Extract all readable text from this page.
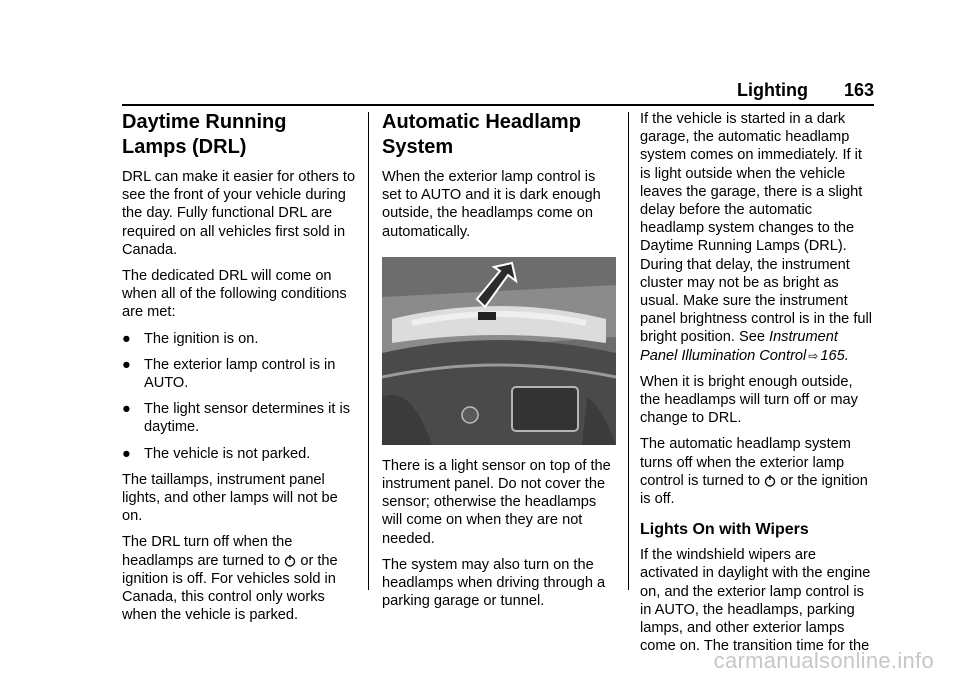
Lighting 163
Daytime Running Lamps (DRL)

DRL can make it easier for others to see the front of your vehicle during the day. Fully functional DRL are required on all vehicles first sold in Canada.

The dedicated DRL will come on when all of the following conditions are met:

● The ignition is on.
● The exterior lamp control is in AUTO.
● The light sensor determines it is daytime.
● The vehicle is not parked.

The taillamps, instrument panel lights, and other lamps will not be on.

The DRL turn off when the headlamps are turned to or the ignition is off. For vehicles sold in Canada, this control only works when the vehicle is parked.

Automatic Headlamp System

When the exterior lamp control is set to AUTO and it is dark enough outside, the headlamps come on automatically.

There is a light sensor on top of the instrument panel. Do not cover the sensor; otherwise the headlamps will come on when they are not needed.

The system may also turn on the headlamps when driving through a parking garage or tunnel.

If the vehicle is started in a dark garage, the automatic headlamp system comes on immediately. If it is light outside when the vehicle leaves the garage, there is a slight delay before the automatic headlamp system changes to the Daytime Running Lamps (DRL). During that delay, the instrument cluster may not be as bright as usual. Make sure the instrument panel brightness control is in the full bright position. See Instrument Panel Illumination Control ⇨ 165.

When it is bright enough outside, the headlamps will turn off or may change to DRL.

The automatic headlamp system turns off when the exterior lamp control is turned to or the ignition is off.

Lights On with Wipers

If the windshield wipers are activated in daylight with the engine on, and the exterior lamp control is in AUTO, the headlamps, parking lamps, and other exterior lamps come on. The transition time for the

carmanualsonline.info
